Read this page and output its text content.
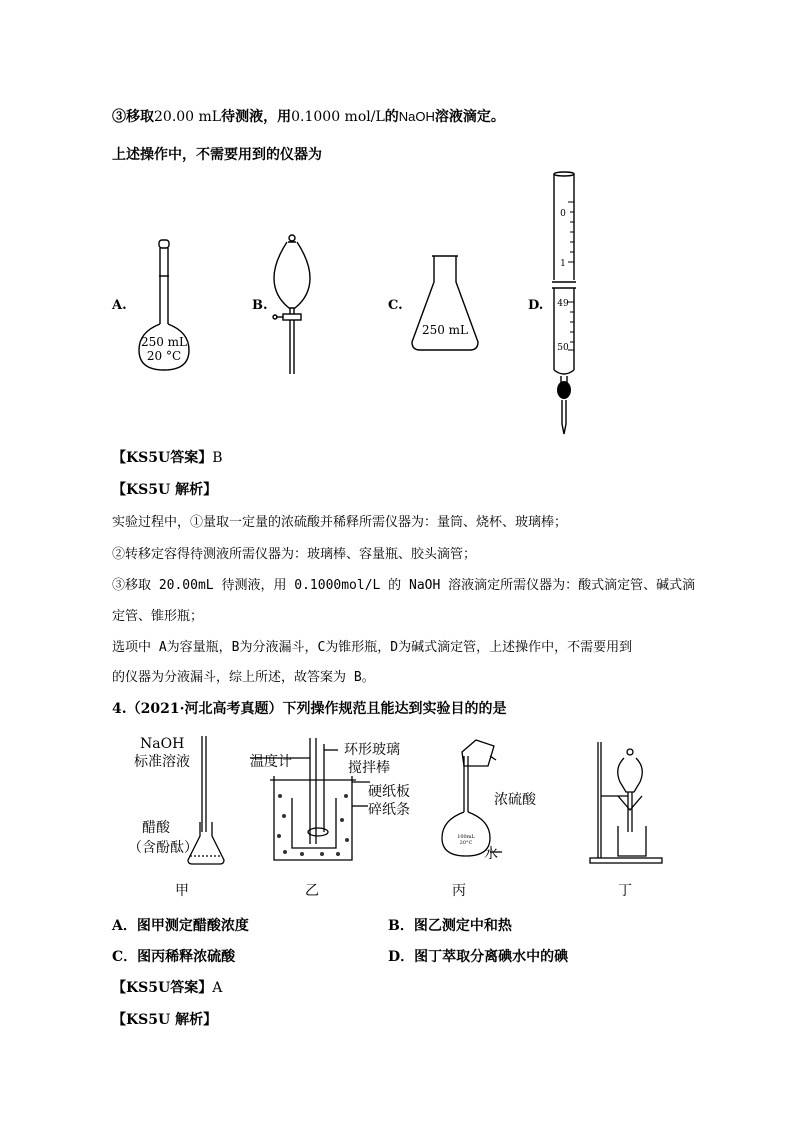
③移取20.00 mL待测液，用0.1000 mol/L的NaOH溶液滴定。
上述操作中，不需要用到的仪器为
A.	B.	C.	D.
250 mL
20 °C
250 mL
0
1
49
50
【KS5U答案】B
【KS5U 解析】
实验过程中，①量取一定量的浓硫酸并稀释所需仪器为：量筒、烧杯、玻璃棒；
②转移定容得待测液所需仪器为：玻璃棒、容量瓶、胶头滴管；
③移取 20.00mL 待测液，用 0.1000mol/L 的 NaOH 溶液滴定所需仪器为：酸式滴定管、碱式滴
定管、锥形瓶；
选项中 A为容量瓶，B为分液漏斗，C为锥形瓶，D为碱式滴定管，上述操作中，不需要用到
的仪器为分液漏斗，综上所述，故答案为 B。
4.（2021·河北高考真题）下列操作规范且能达到实验目的的是
NaOH
标准溶液
醋酸
（含酚酞）
温度计
环形玻璃
搅拌棒
硬纸板
碎纸条
100mL
20°C
浓硫酸
水
甲	乙	丙	丁
A．图甲测定醋酸浓度	B．图乙测定中和热
C．图丙稀释浓硫酸	D．图丁萃取分离碘水中的碘
【KS5U答案】A
【KS5U 解析】
